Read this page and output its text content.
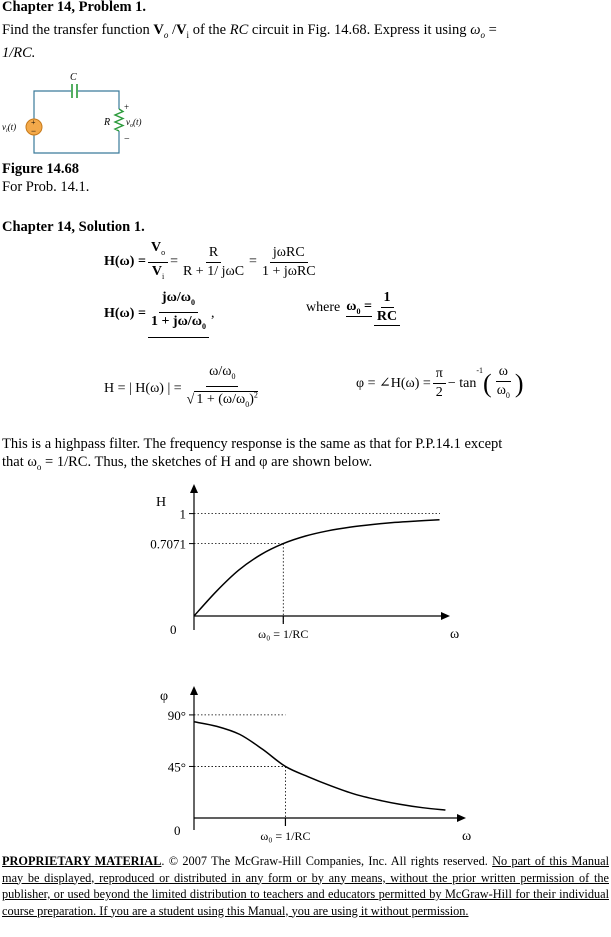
Chapter 14, Problem 1.
Find the transfer function $V_o$ $/V_i$ of the RC circuit in Fig. 14.68. Express it using $\omega_o$ =
1/RC.
C
R
+
−
$v_i(t)$
+
−
$v_o(t)$
Figure 14.68
For Prob. 14.1.
Chapter 14, Solution 1.
$H(\omega) = \frac{V_o}{V_i} = \frac{R}{\text{R + 1/ jωC}} = \frac{\text{jωRC}}{\text{1 + jωRC}}$
$H(\omega) = \frac{j\omega/\omega_0}{1 + j\omega/\omega_0}$ ,	where $\omega_0 = \frac{1}{RC}$
H = | H(ω) | = $\frac{\omega/\omega_0}{√ 1 + (\omega/\omega_0)^2}$	φ = ∠H(ω) = $\frac{\pi}{2} - \tan$
-1 ( $\frac{\omega}{\omega_0}$ )
This is a highpass filter. The frequency response is the same as that for P.P.14.1 except
that $\omega_o = 1/RC$. Thus, the sketches of H and φ are shown below.
H
ω
0
1
0.7071
ω₀ = 1/RC
φ
ω
0
90°
45°
ω₀ = 1/RC
PROPRIETARY MATERIAL. © 2007 The McGraw-Hill Companies, Inc. All rights reserved. No part of this Manual may be displayed, reproduced or distributed in any form or by any means, without the prior written permission of the publisher, or used beyond the limited distribution to teachers and educators permitted by McGraw-Hill for their individual course preparation. If you are a student using this Manual, you are using it without permission.
